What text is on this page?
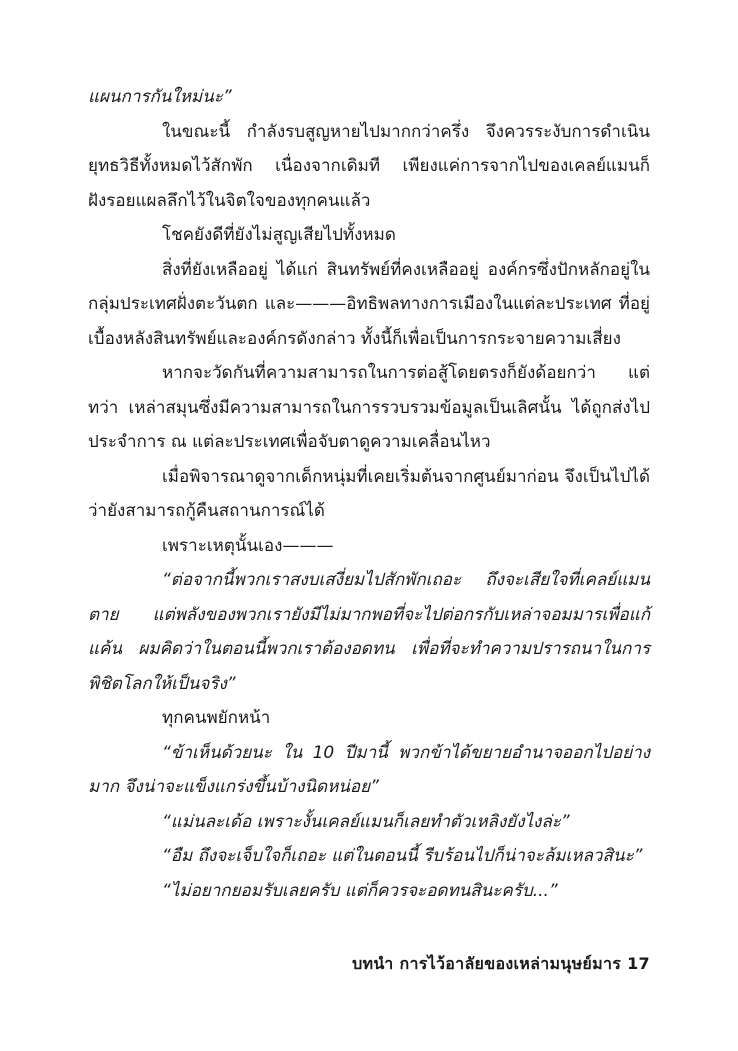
แผนการกันใหม่นะ”

ในขณะนี้ กำลังรบสูญหายไปมากกว่าครึ่ง จึงควรระงับการดำเนินยุทธวิธีทั้งหมดไว้สักพัก เนื่องจากเดิมที เพียงแค่การจากไปของเคลย์แมนก็ฝังรอยแผลลึกไว้ในจิตใจของทุกคนแล้ว

โชคยังดีที่ยังไม่สูญเสียไปทั้งหมด

สิ่งที่ยังเหลืออยู่ ได้แก่ สินทรัพย์ที่คงเหลืออยู่ องค์กรซึ่งปักหลักอยู่ในกลุ่มประเทศฝั่งตะวันตก และ———อิทธิพลทางการเมืองในแต่ละประเทศ ที่อยู่เบื้องหลังสินทรัพย์และองค์กรดังกล่าว ทั้งนี้ก็เพื่อเป็นการกระจายความเสี่ยง

หากจะวัดกันที่ความสามารถในการต่อสู้โดยตรงก็ยังด้อยกว่า แต่ทว่า เหล่าสมุนซึ่งมีความสามารถในการรวบรวมข้อมูลเป็นเลิศนั้น ได้ถูกส่งไปประจำการ ณ แต่ละประเทศเพื่อจับตาดูความเคลื่อนไหว

เมื่อพิจารณาดูจากเด็กหนุ่มที่เคยเริ่มต้นจากศูนย์มาก่อน จึงเป็นไปได้ว่ายังสามารถกู้คืนสถานการณ์ได้

เพราะเหตุนั้นเอง———

“ต่อจากนี้พวกเราสงบเสงี่ยมไปสักพักเถอะ ถึงจะเสียใจที่เคลย์แมนตาย แต่พลังของพวกเรายังมีไม่มากพอที่จะไปต่อกรกับเหล่าจอมมารเพื่อแก้แค้น ผมคิดว่าในตอนนี้พวกเราต้องอดทน เพื่อที่จะทำความปรารถนาในการพิชิตโลกให้เป็นจริง”

ทุกคนพยักหน้า

“ข้าเห็นด้วยนะ ใน 10 ปีมานี้ พวกข้าได้ขยายอำนาจออกไปอย่างมาก จึงน่าจะแข็งแกร่งขึ้นบ้างนิดหน่อย”

“แม่นละเด้อ เพราะงั้นเคลย์แมนก็เลยทำตัวเหลิงยังไงล่ะ”

“อืม ถึงจะเจ็บใจก็เถอะ แต่ในตอนนี้ รีบร้อนไปก็น่าจะล้มเหลวสินะ”

“ไม่อยากยอมรับเลยครับ แต่ก็ควรจะอดทนสินะครับ...”

บทนำ การไว้อาลัยของเหล่ามนุษย์มาร 17
